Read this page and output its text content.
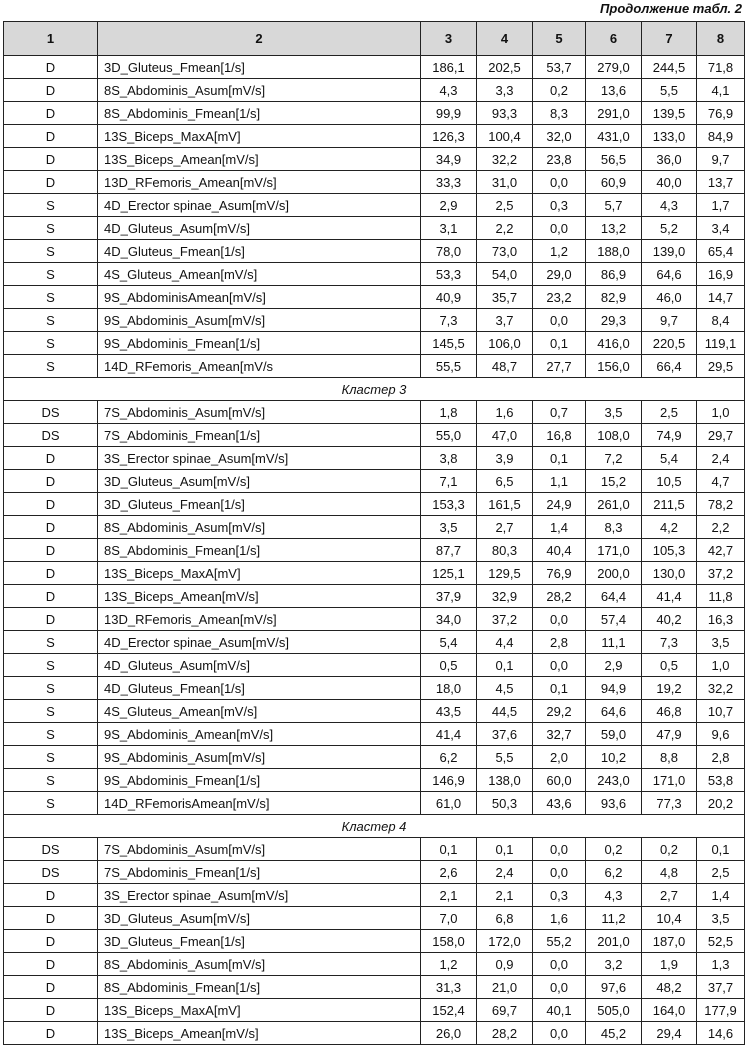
Продолжение табл. 2
1	2	3	4	5	6	7	8
D	3D_Gluteus_Fmean[1/s]	186,1	202,5	53,7	279,0	244,5	71,8
D	8S_Abdominis_Asum[mV/s]	4,3	3,3	0,2	13,6	5,5	4,1
D	8S_Abdominis_Fmean[1/s]	99,9	93,3	8,3	291,0	139,5	76,9
D	13S_Biceps_MaxA[mV]	126,3	100,4	32,0	431,0	133,0	84,9
D	13S_Biceps_Amean[mV/s]	34,9	32,2	23,8	56,5	36,0	9,7
D	13D_RFemoris_Amean[mV/s]	33,3	31,0	0,0	60,9	40,0	13,7
S	4D_Erector spinae_Asum[mV/s]	2,9	2,5	0,3	5,7	4,3	1,7
S	4D_Gluteus_Asum[mV/s]	3,1	2,2	0,0	13,2	5,2	3,4
S	4D_Gluteus_Fmean[1/s]	78,0	73,0	1,2	188,0	139,0	65,4
S	4S_Gluteus_Amean[mV/s]	53,3	54,0	29,0	86,9	64,6	16,9
S	9S_AbdominisAmean[mV/s]	40,9	35,7	23,2	82,9	46,0	14,7
S	9S_Abdominis_Asum[mV/s]	7,3	3,7	0,0	29,3	9,7	8,4
S	9S_Abdominis_Fmean[1/s]	145,5	106,0	0,1	416,0	220,5	119,1
S	14D_RFemoris_Amean[mV/s	55,5	48,7	27,7	156,0	66,4	29,5
Кластер 3							
DS	7S_Abdominis_Asum[mV/s]	1,8	1,6	0,7	3,5	2,5	1,0
DS	7S_Abdominis_Fmean[1/s]	55,0	47,0	16,8	108,0	74,9	29,7
D	3S_Erector spinae_Asum[mV/s]	3,8	3,9	0,1	7,2	5,4	2,4
D	3D_Gluteus_Asum[mV/s]	7,1	6,5	1,1	15,2	10,5	4,7
D	3D_Gluteus_Fmean[1/s]	153,3	161,5	24,9	261,0	211,5	78,2
D	8S_Abdominis_Asum[mV/s]	3,5	2,7	1,4	8,3	4,2	2,2
D	8S_Abdominis_Fmean[1/s]	87,7	80,3	40,4	171,0	105,3	42,7
D	13S_Biceps_MaxA[mV]	125,1	129,5	76,9	200,0	130,0	37,2
D	13S_Biceps_Amean[mV/s]	37,9	32,9	28,2	64,4	41,4	11,8
D	13D_RFemoris_Amean[mV/s]	34,0	37,2	0,0	57,4	40,2	16,3
S	4D_Erector spinae_Asum[mV/s]	5,4	4,4	2,8	11,1	7,3	3,5
S	4D_Gluteus_Asum[mV/s]	0,5	0,1	0,0	2,9	0,5	1,0
S	4D_Gluteus_Fmean[1/s]	18,0	4,5	0,1	94,9	19,2	32,2
S	4S_Gluteus_Amean[mV/s]	43,5	44,5	29,2	64,6	46,8	10,7
S	9S_Abdominis_Amean[mV/s]	41,4	37,6	32,7	59,0	47,9	9,6
S	9S_Abdominis_Asum[mV/s]	6,2	5,5	2,0	10,2	8,8	2,8
S	9S_Abdominis_Fmean[1/s]	146,9	138,0	60,0	243,0	171,0	53,8
S	14D_RFemorisAmean[mV/s]	61,0	50,3	43,6	93,6	77,3	20,2
Кластер 4							
DS	7S_Abdominis_Asum[mV/s]	0,1	0,1	0,0	0,2	0,2	0,1
DS	7S_Abdominis_Fmean[1/s]	2,6	2,4	0,0	6,2	4,8	2,5
D	3S_Erector spinae_Asum[mV/s]	2,1	2,1	0,3	4,3	2,7	1,4
D	3D_Gluteus_Asum[mV/s]	7,0	6,8	1,6	11,2	10,4	3,5
D	3D_Gluteus_Fmean[1/s]	158,0	172,0	55,2	201,0	187,0	52,5
D	8S_Abdominis_Asum[mV/s]	1,2	0,9	0,0	3,2	1,9	1,3
D	8S_Abdominis_Fmean[1/s]	31,3	21,0	0,0	97,6	48,2	37,7
D	13S_Biceps_MaxA[mV]	152,4	69,7	40,1	505,0	164,0	177,9
D	13S_Biceps_Amean[mV/s]	26,0	28,2	0,0	45,2	29,4	14,6
